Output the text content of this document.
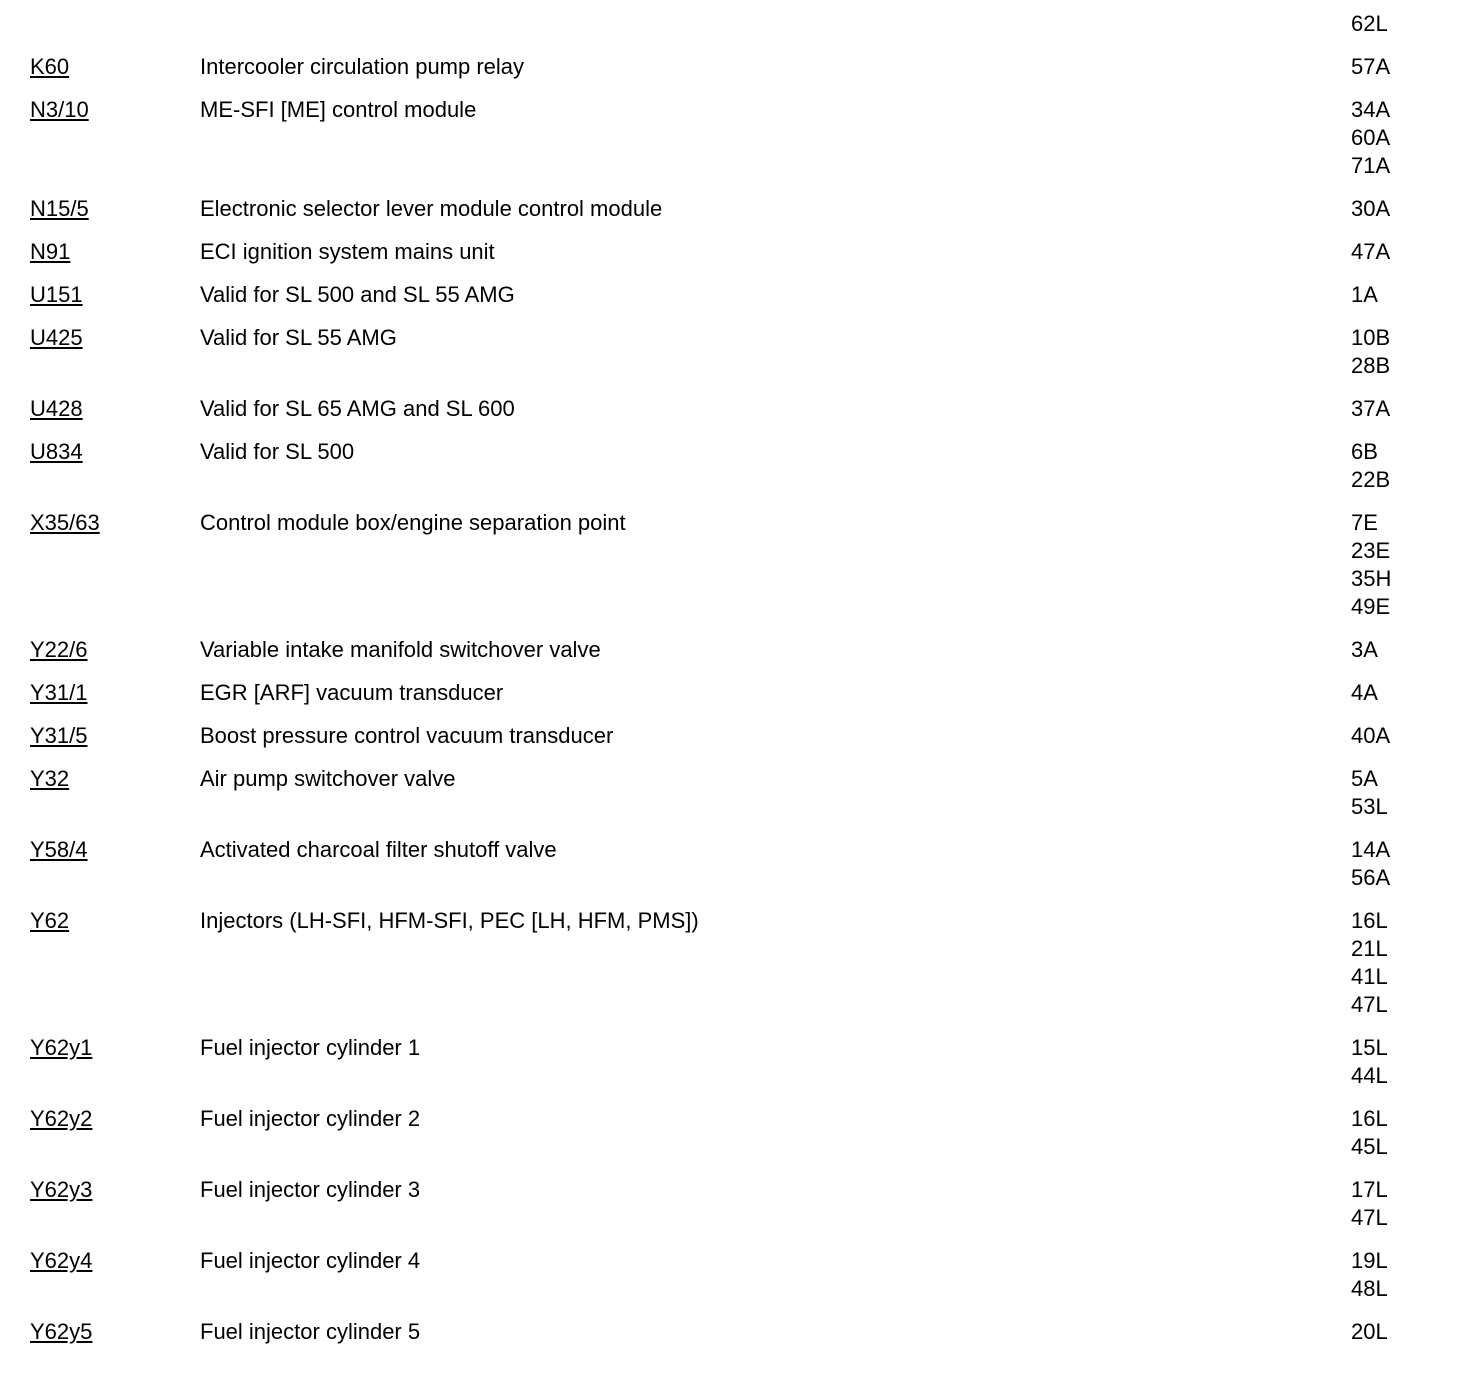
62L
K60	Intercooler circulation pump relay	57A
N3/10	ME-SFI [ME] control module	34A
60A
71A
N15/5	Electronic selector lever module control module	30A
N91	ECI ignition system mains unit	47A
U151	Valid for SL 500 and SL 55 AMG	1A
U425	Valid for SL 55 AMG	10B
28B
U428	Valid for SL 65 AMG and SL 600	37A
U834	Valid for SL 500	6B
22B
X35/63	Control module box/engine separation point	7E
23E
35H
49E
Y22/6	Variable intake manifold switchover valve	3A
Y31/1	EGR [ARF] vacuum transducer	4A
Y31/5	Boost pressure control vacuum transducer	40A
Y32	Air pump switchover valve	5A
53L
Y58/4	Activated charcoal filter shutoff valve	14A
56A
Y62	Injectors (LH-SFI, HFM-SFI, PEC [LH, HFM, PMS])	16L
21L
41L
47L
Y62y1	Fuel injector cylinder 1	15L
44L
Y62y2	Fuel injector cylinder 2	16L
45L
Y62y3	Fuel injector cylinder 3	17L
47L
Y62y4	Fuel injector cylinder 4	19L
48L
Y62y5	Fuel injector cylinder 5	20L
